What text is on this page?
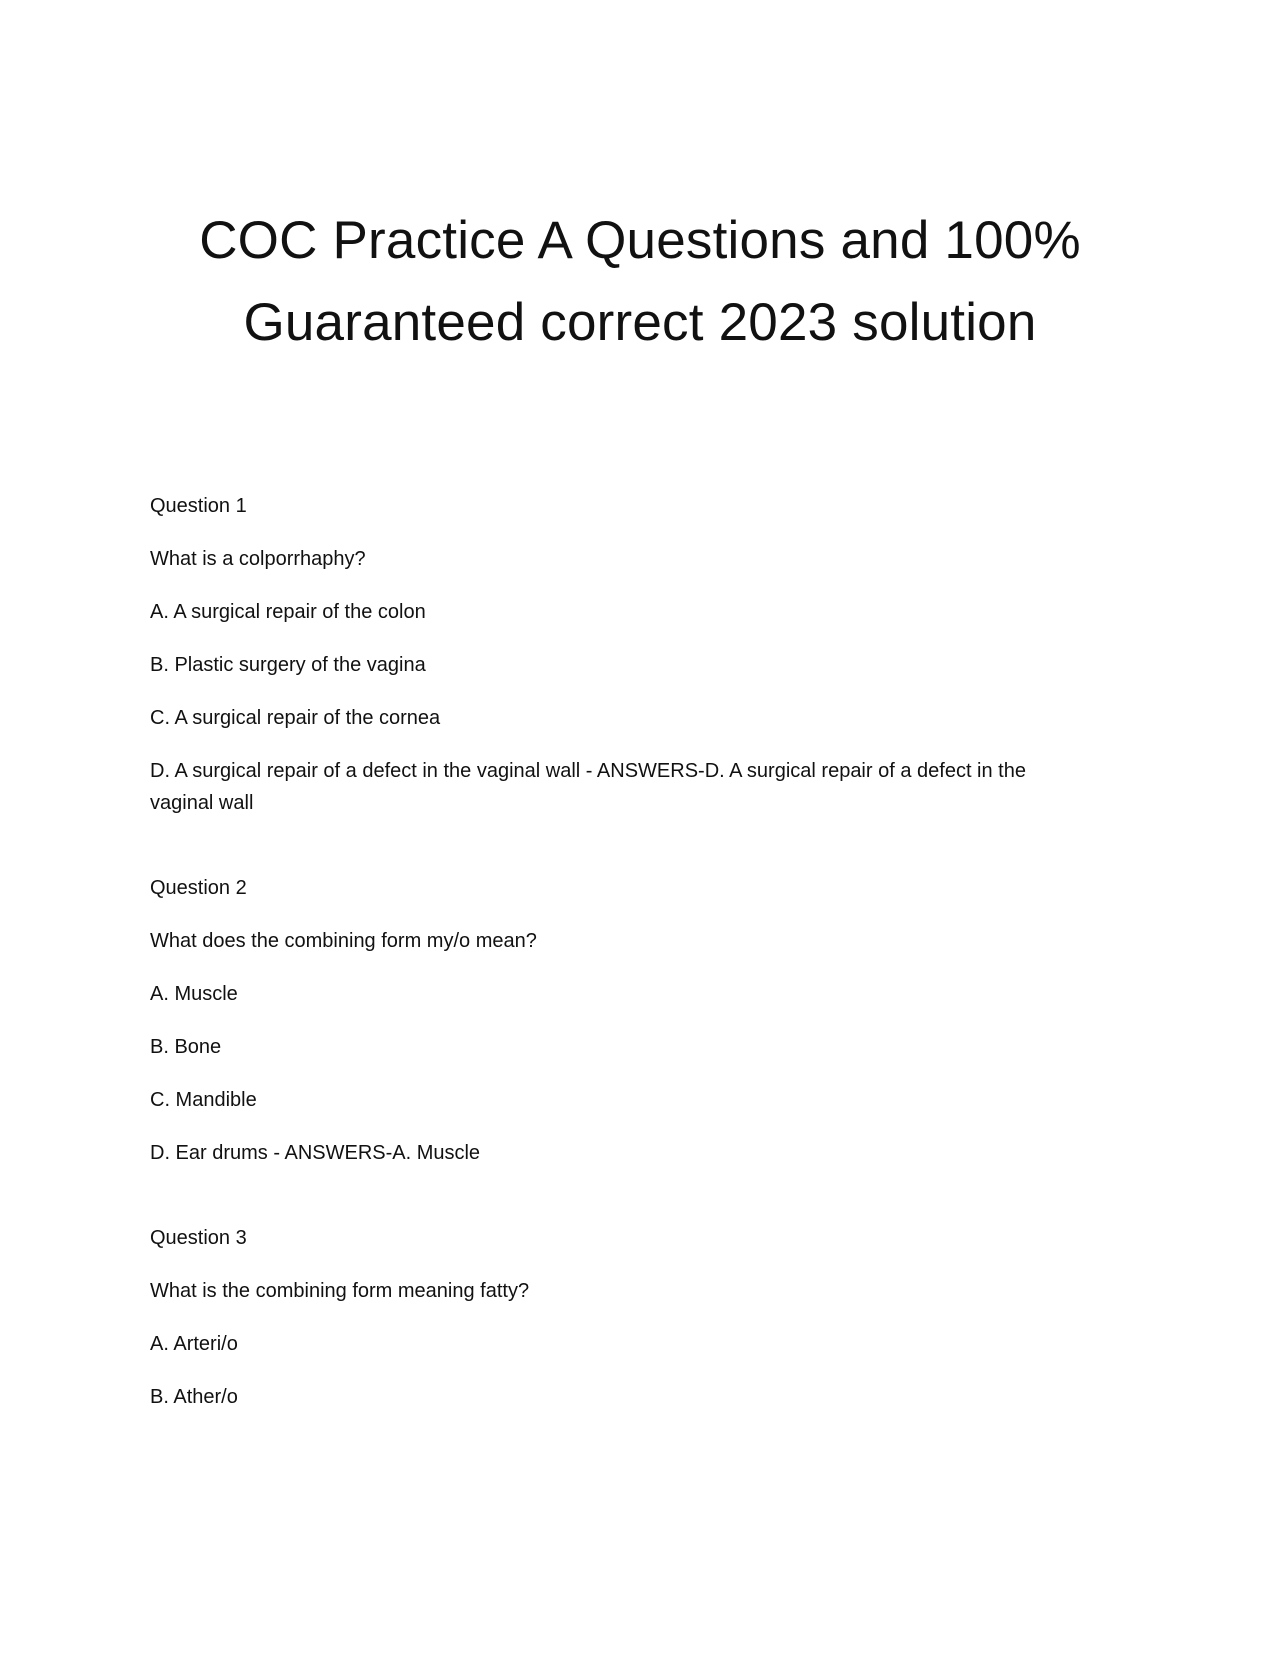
COC Practice A Questions and 100%
Guaranteed correct 2023 solution

Question 1

What is a colporrhaphy?

A. A surgical repair of the colon

B. Plastic surgery of the vagina

C. A surgical repair of the cornea

D. A surgical repair of a defect in the vaginal wall - ANSWERS-D. A surgical repair of a defect in the vaginal wall

Question 2

What does the combining form my/o mean?

A. Muscle

B. Bone

C. Mandible

D. Ear drums - ANSWERS-A. Muscle

Question 3

What is the combining form meaning fatty?

A. Arteri/o

B. Ather/o
